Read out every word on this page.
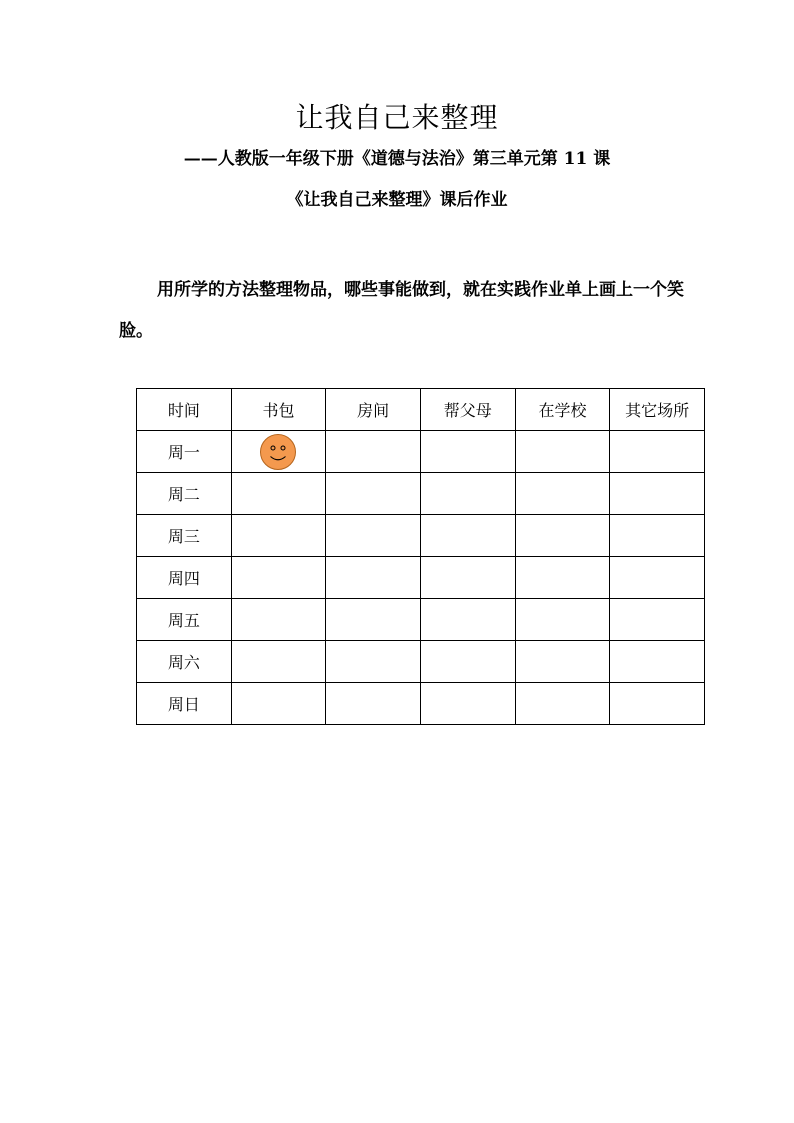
让我自己来整理

——人教版一年级下册《道德与法治》第三单元第 11 课

《让我自己来整理》课后作业

用所学的方法整理物品，哪些事能做到，就在实践作业单上画上一个笑脸。

时间	书包	房间	帮父母	在学校	其它场所
周一					
周二					
周三					
周四					
周五					
周六					
周日					
